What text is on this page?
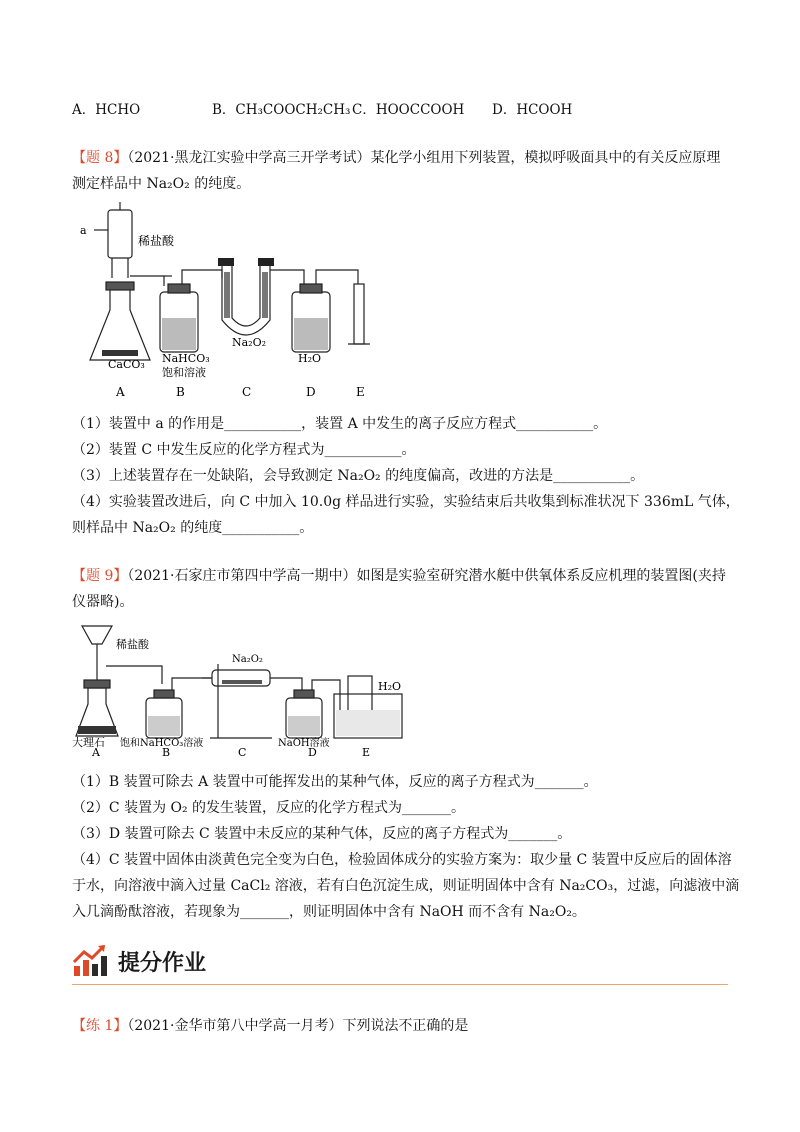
A．HCHO	B．CH₃COOCH₂CH₃ C．HOOCCOOH D．HCOOH
【题 8】（2021·黑龙江实验中学高三开学考试）某化学小组用下列装置，模拟呼吸面具中的有关反应原理
测定样品中 Na₂O₂ 的纯度。
a
稀盐酸
CaCO₃ NaHCO₃
饱和溶液
Na₂O₂
H₂O
A	B	C	D	E
（1）装置中 a 的作用是___________，装置 A 中发生的离子反应方程式___________。
（2）装置 C 中发生反应的化学方程式为___________。
（3）上述装置存在一处缺陷，会导致测定 Na₂O₂ 的纯度偏高，改进的方法是___________。
（4）实验装置改进后，向 C 中加入 10.0g 样品进行实验，实验结束后共收集到标准状况下 336mL 气体，
则样品中 Na₂O₂ 的纯度___________。
【题 9】（2021·石家庄市第四中学高一期中）如图是实验室研究潜水艇中供氧体系反应机理的装置图(夹持
仪器略)。
稀盐酸
大理石 饱和NaHCO₃溶液
Na₂O₂
NaOH溶液
H₂O
A	B	C	D	E
（1）B 装置可除去 A 装置中可能挥发出的某种气体，反应的离子方程式为_______。
（2）C 装置为 O₂ 的发生装置，反应的化学方程式为_______。
（3）D 装置可除去 C 装置中未反应的某种气体，反应的离子方程式为_______。
（4）C 装置中固体由淡黄色完全变为白色，检验固体成分的实验方案为：取少量 C 装置中反应后的固体溶
于水，向溶液中滴入过量 CaCl₂ 溶液，若有白色沉淀生成，则证明固体中含有 Na₂CO₃，过滤，向滤液中滴
入几滴酚酞溶液，若现象为_______，则证明固体中含有 NaOH 而不含有 Na₂O₂。
提分作业
【练 1】（2021·金华市第八中学高一月考）下列说法不正确的是
